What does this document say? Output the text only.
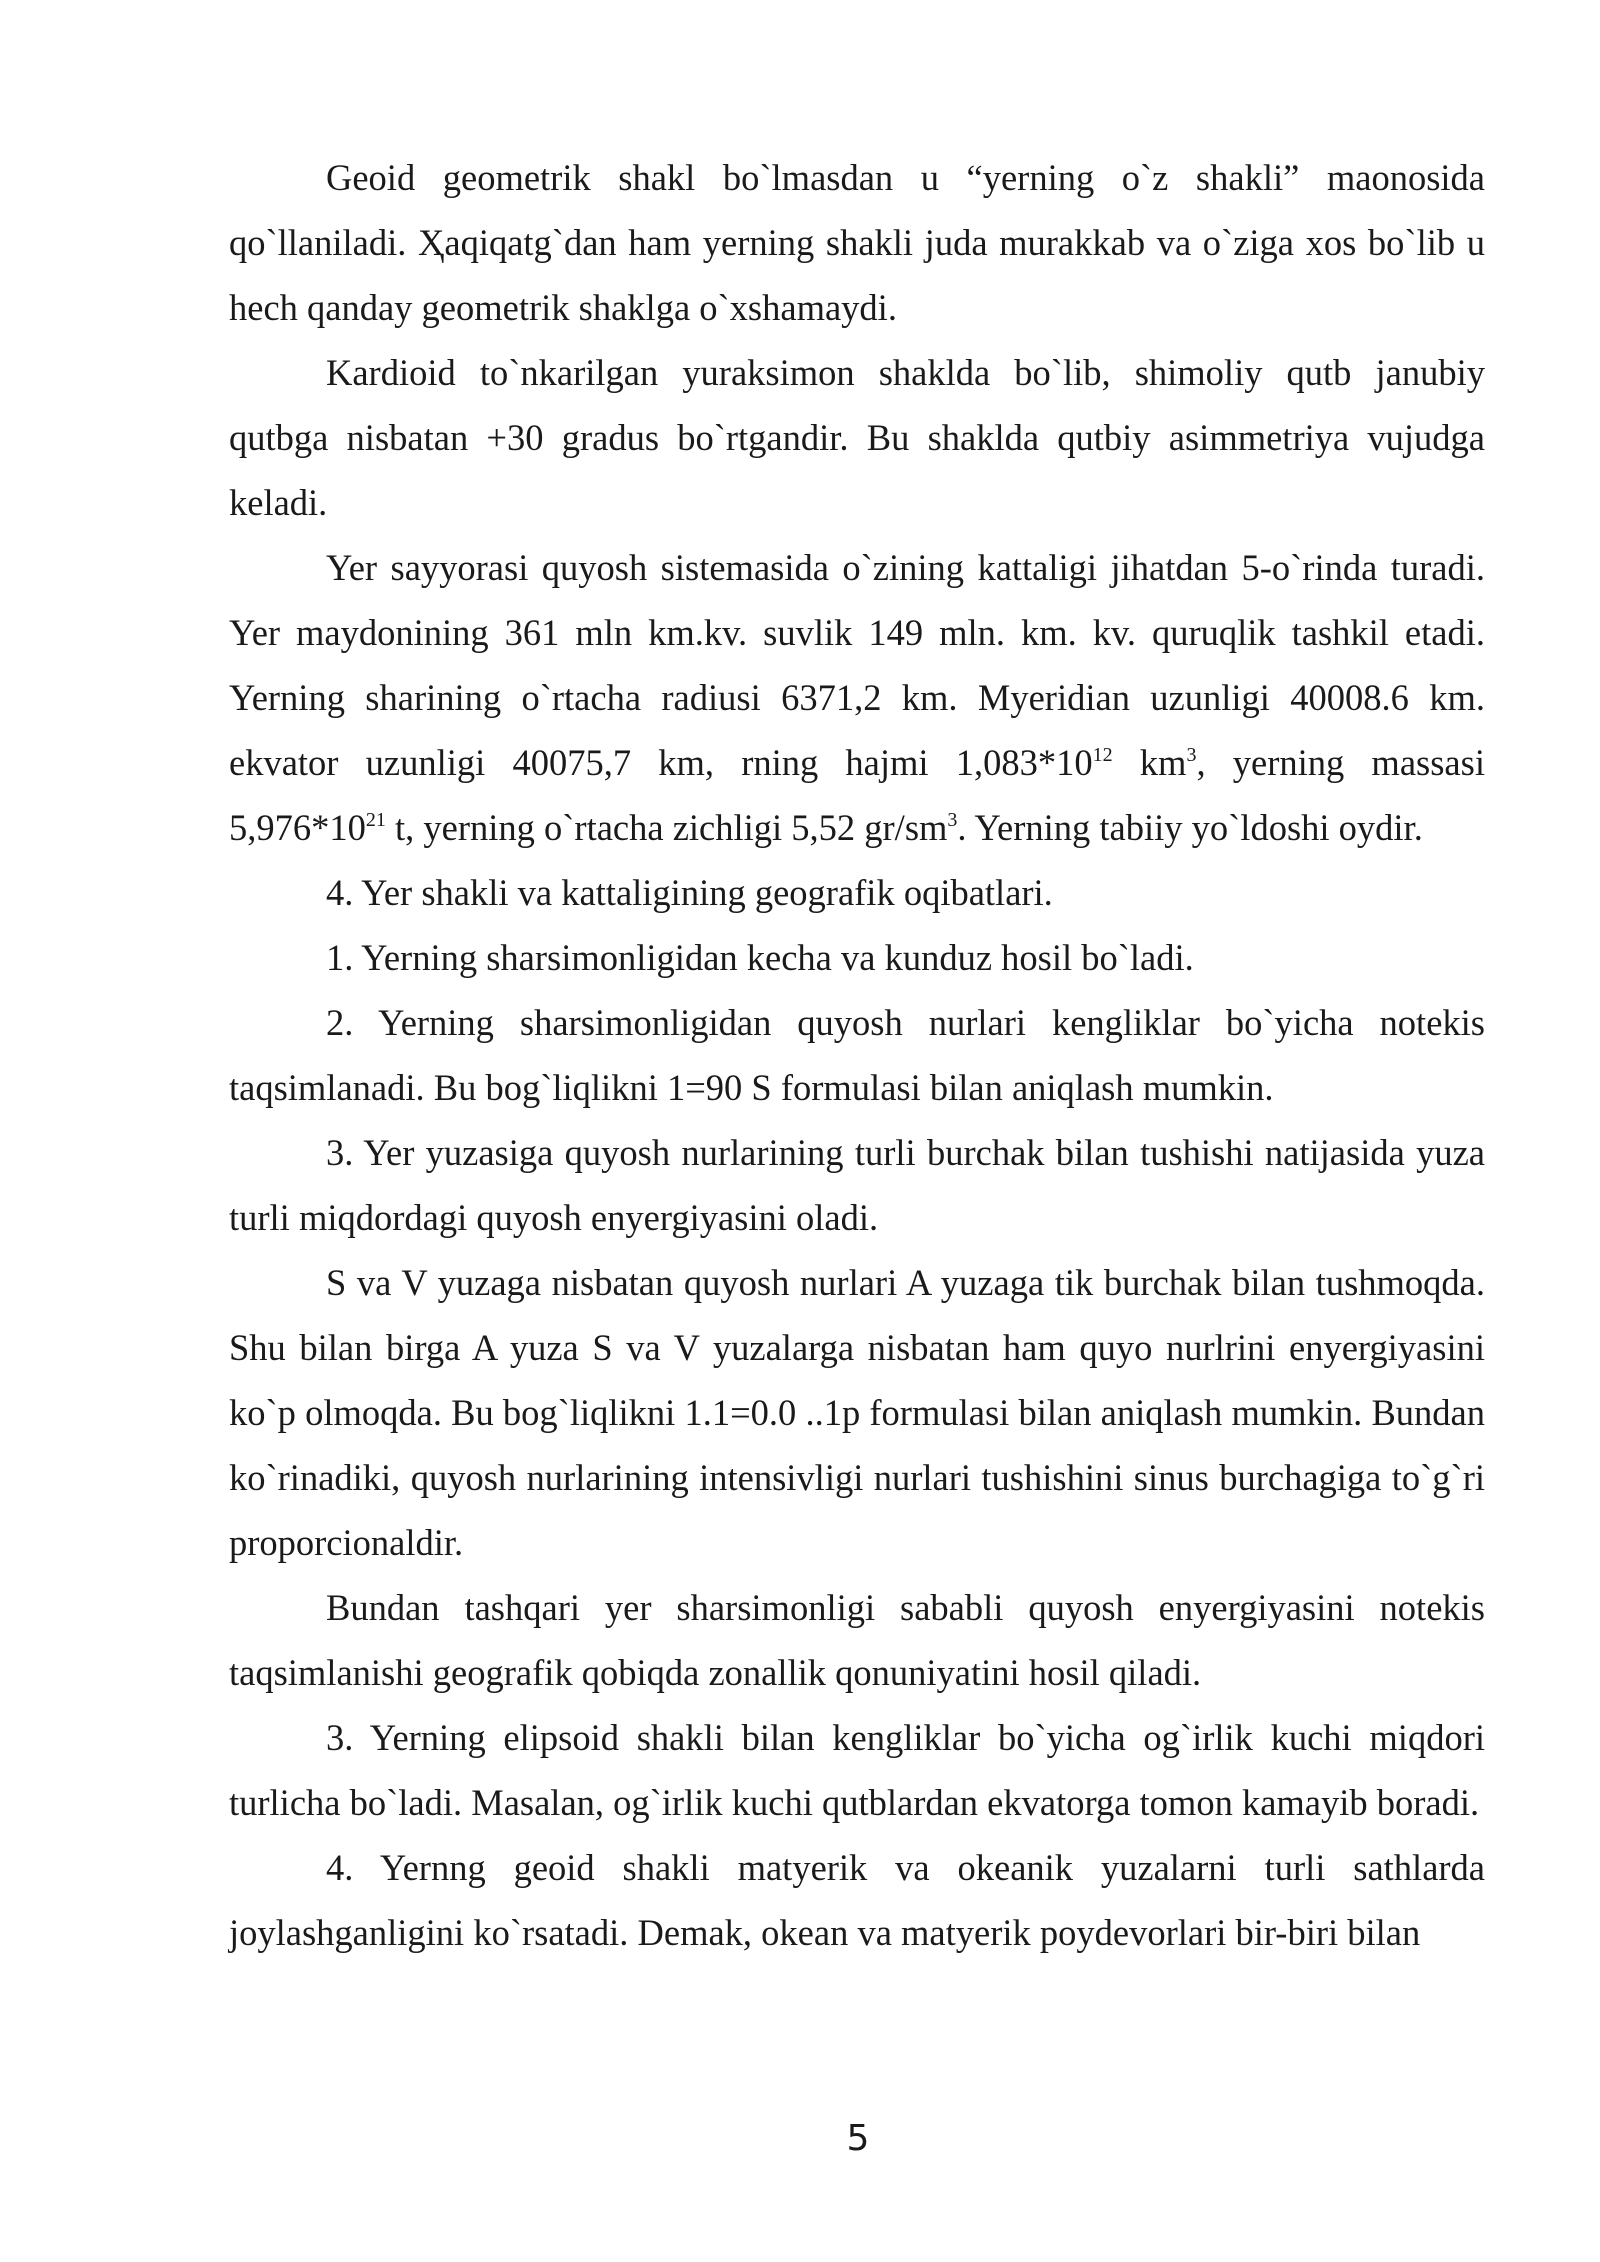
Geoid geometrik shakl bo`lmasdan u “yerning o`z shakli” maonosida qo`llaniladi. Ҳaqiqatg`dan ham yerning shakli juda murakkab va o`ziga xos bo`lib u hech qanday geometrik shaklga o`xshamaydi.

Kardioid to`nkarilgan yuraksimon shaklda bo`lib, shimoliy qutb janubiy qutbga nisbatan +30 gradus bo`rtgandir. Bu shaklda qutbiy asimmetriya vujudga keladi.

Yer sayyorasi quyosh sistemasida o`zining kattaligi jihatdan 5-o`rinda turadi. Yer maydonining 361 mln km.kv. suvlik 149 mln. km. kv. quruqlik tashkil etadi. Yerning sharining o`rtacha radiusi 6371,2 km. Myeridian uzunligi 40008.6 km. ekvator uzunligi 40075,7 km, rning hajmi $1,083*10^{12}$ $km^3$, yerning massasi $5,976*10^{21}$ t, yerning o`rtacha zichligi 5,52 $gr/sm^3$. Yerning tabiiy yo`ldoshi oydir.

4. Yer shakli va kattaligining geografik oqibatlari.

1. Yerning sharsimonligidan kecha va kunduz hosil bo`ladi.

2. Yerning sharsimonligidan quyosh nurlari kengliklar bo`yicha notekis taqsimlanadi. Bu bog`liqlikni 1=90 S formulasi bilan aniqlash mumkin.

3. Yer yuzasiga quyosh nurlarining turli burchak bilan tushishi natijasida yuza turli miqdordagi quyosh enyergiyasini oladi.

S va V yuzaga nisbatan quyosh nurlari A yuzaga tik burchak bilan tushmoqda. Shu bilan birga A yuza S va V yuzalarga nisbatan ham quyo nurlrini enyergiyasini ko`p olmoqda. Bu bog`liqlikni 1.1=0.0 ..1p formulasi bilan aniqlash mumkin. Bundan ko`rinadiki, quyosh nurlarining intensivligi nurlari tushishini sinus burchagiga to`g`ri proporcionaldir.

Bundan tashqari yer sharsimonligi sababli quyosh enyergiyasini notekis taqsimlanishi geografik qobiqda zonallik qonuniyatini hosil qiladi.

3. Yerning elipsoid shakli bilan kengliklar bo`yicha og`irlik kuchi miqdori turlicha bo`ladi. Masalan, og`irlik kuchi qutblardan ekvatorga tomon kamayib boradi.

4. Yernng geoid shakli matyerik va okeanik yuzalarni turli sathlarda joylashganligini ko`rsatadi. Demak, okean va matyerik poydevorlari bir-biri bilan

5
